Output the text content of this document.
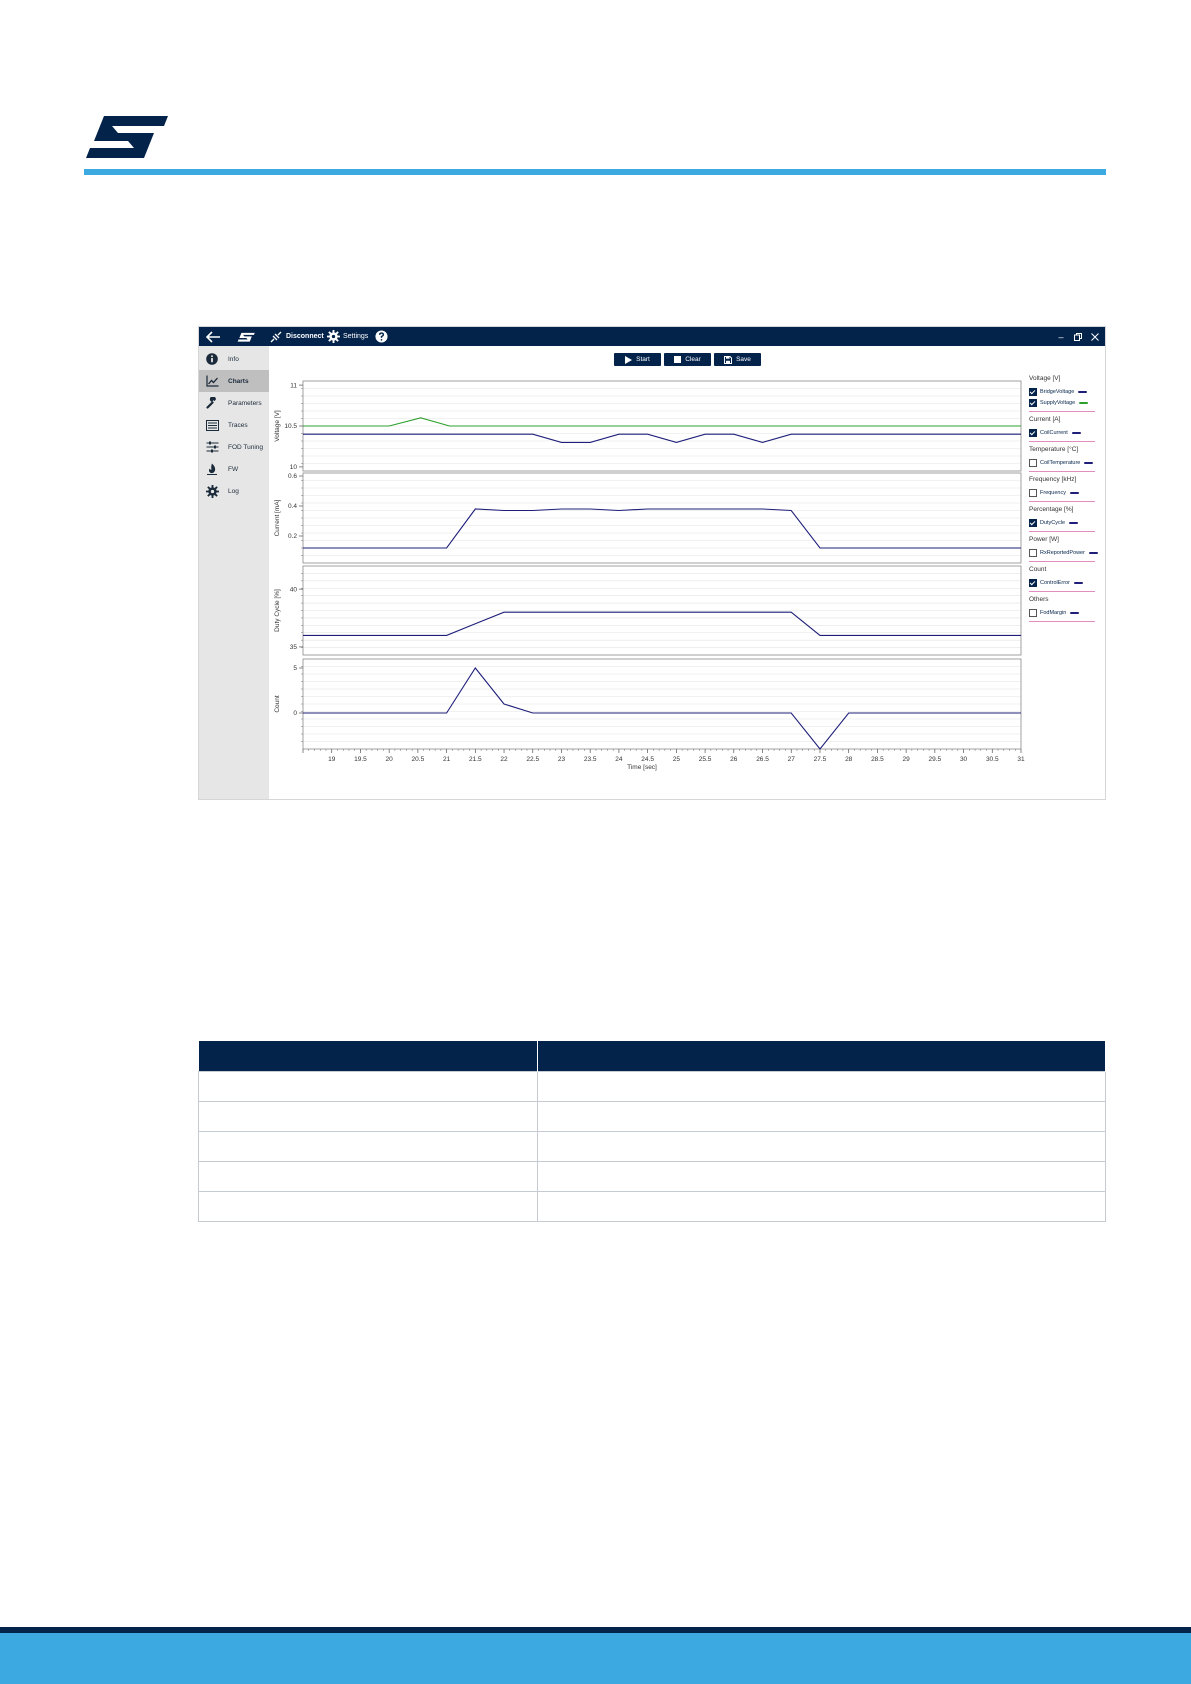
Disconnect	Settings	–
Info
Charts
Parameters
Traces
FOD Tuning
FW
Log
Start	Clear	Save
10
10.5
11
Voltage [V]
0.2
0.4
0.6
Current [mA]
35
40
Duty Cycle [%]
0
5
Count
19	19.5	20	20.5	21	21.5	22	22.5	23	23.5	24	24.5	25	25.5	26	26.5	27	27.5	28	28.5	29	29.5	30	30.5	31
Time [sec]
Voltage [V]
BridgeVoltage
SupplyVoltage
Current [A]
CoilCurrent
Temperature [°C]
CoilTemperature
Frequency [kHz]
Frequency
Percentage [%]
DutyCycle
Power [W]
RxReportedPower
Count
ControlError
Others
FodMargin
